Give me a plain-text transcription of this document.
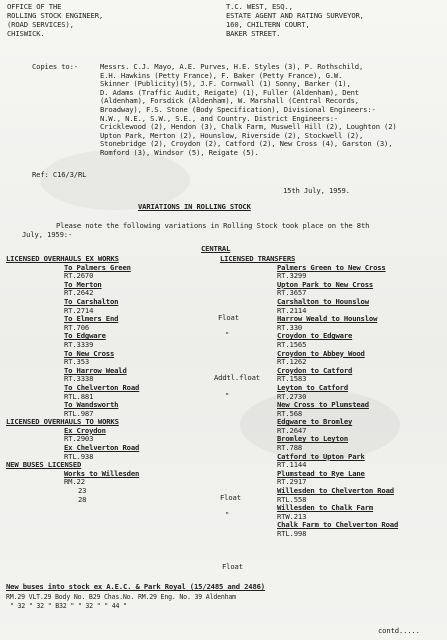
OFFICE OF THE
ROLLING STOCK ENGINEER,
(ROAD SERVICES),
CHISWICK.
T.C. WEST, ESQ.,
ESTATE AGENT AND RATING SURVEYOR,
160, CHILTERN COURT,
BAKER STREET.
Copies to:-	Messrs. C.J. Mayo, A.E. Purves, H.E. Styles (3), P. Rothschild,
E.H. Hawkins (Petty France), F. Baker (Petty France), G.W.
Skinner (Publicity)(5), J.F. Cornwall (1) Sonny, Barker (1),
D. Adams (Traffic Audit, Reigate) (1), Fuller (Aldenham), Dent
(Aldenham), Forsdick (Aldenham), W. Marshall (Central Records,
Broadway), F.S. Stone (Body Specification), Divisional Engineers:-
N.W., N.E., S.W., S.E., and Country. District Engineers:-
Cricklewood (2), Hendon (3), Chalk Farm, Muswell Hill (2), Loughton (2)
Upton Park, Merton (2), Hounslow, Riverside (2), Stockwell (2),
Stonebridge (2), Croydon (2), Catford (2), New Cross (4), Garston (3),
Romford (3), Windsor (5), Reigate (5).
Ref: C16/3/RL
15th July, 1959.
VARIATIONS IN ROLLING STOCK
Please note the following variations in Rolling Stock took place on the 8th
July, 1959:-
CENTRAL
LICENSED OVERHAULS EX WORKS
To Palmers Green
RT.2670
To Merton
RT.2642
To Carshalton
RT.2714
To Elmers End
RT.706
To Edgware
RT.3339
To New Cross
RT.353
To Harrow Weald
RT.3338
To Chelverton Road
RTL.881
To Wandsworth
RTL.987
LICENSED OVERHAULS TO WORKS
Ex Croydon
RT.2903
Ex Chelverton Road
RTL.938
NEW BUSES LICENSED
Works to Willesden
RM.22
23
28
Float
"
Addtl.float
"
Float
"
Float
LICENSED TRANSFERS
Palmers Green to New Cross
RT.3299
Upton Park to New Cross
RT.3657
Carshalton to Hounslow
RT.2114
Harrow Weald to Hounslow
RT.330
Croydon to Edgware
RT.1565
Croydon to Abbey Wood
RT.1262
Croydon to Catford
RT.1583
Leyton to Catford
RT.2730
New Cross to Plumstead
RT.568
Edgware to Bromley
RT.2647
Bromley to Leyton
RT.788
Catford to Upton Park
RT.1144
Plumstead to Rye Lane
RT.2917
Willesden to Chelverton Road
RTL.558
Willesden to Chalk Farm
RTW.213
Chalk Farm to Chelverton Road
RTL.998
New buses into stock ex A.E.C. & Park Royal (15/2485 and 2486)
RM.29 VLT.29 Body No. B29 Chas.No. RM.29 Eng. No. 39 Aldenham
" 32 " 32 " B32 " " 32 " " 44 "
contd.....
